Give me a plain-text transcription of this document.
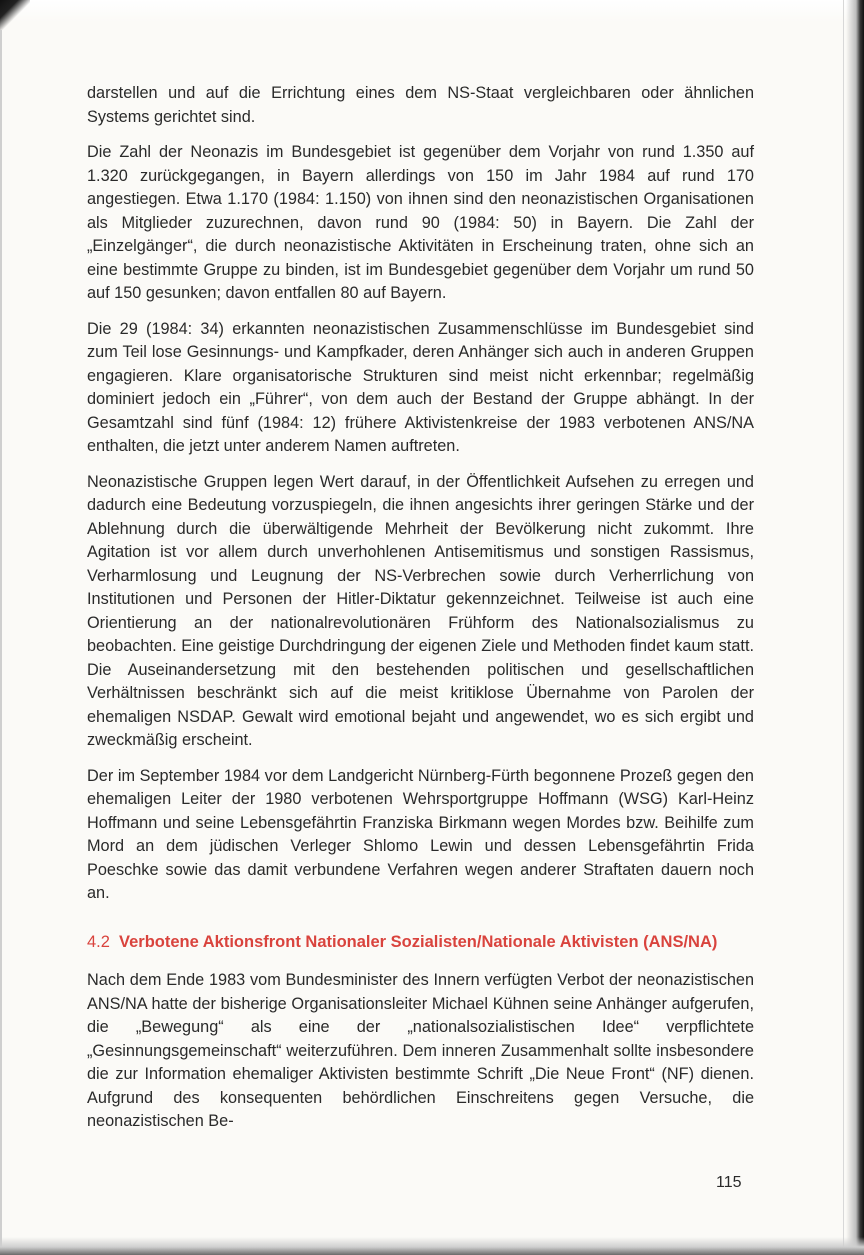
darstellen und auf die Errichtung eines dem NS-Staat vergleichbaren oder ähnlichen Systems gerichtet sind.

Die Zahl der Neonazis im Bundesgebiet ist gegenüber dem Vorjahr von rund 1.350 auf 1.320 zurückgegangen, in Bayern allerdings von 150 im Jahr 1984 auf rund 170 angestiegen. Etwa 1.170 (1984: 1.150) von ihnen sind den neonazistischen Organisationen als Mitglieder zuzurechnen, davon rund 90 (1984: 50) in Bayern. Die Zahl der „Einzelgänger“, die durch neonazistische Aktivitäten in Erscheinung traten, ohne sich an eine bestimmte Gruppe zu binden, ist im Bundesgebiet gegenüber dem Vorjahr um rund 50 auf 150 gesunken; davon entfallen 80 auf Bayern.

Die 29 (1984: 34) erkannten neonazistischen Zusammenschlüsse im Bundesgebiet sind zum Teil lose Gesinnungs- und Kampfkader, deren Anhänger sich auch in anderen Gruppen engagieren. Klare organisatorische Strukturen sind meist nicht erkennbar; regelmäßig dominiert jedoch ein „Führer“, von dem auch der Bestand der Gruppe abhängt. In der Gesamtzahl sind fünf (1984: 12) frühere Aktivistenkreise der 1983 verbotenen ANS/NA enthalten, die jetzt unter anderem Namen auftreten.

Neonazistische Gruppen legen Wert darauf, in der Öffentlichkeit Aufsehen zu erregen und dadurch eine Bedeutung vorzuspiegeln, die ihnen angesichts ihrer geringen Stärke und der Ablehnung durch die überwältigende Mehrheit der Bevölkerung nicht zukommt. Ihre Agitation ist vor allem durch unverhohlenen Antisemitismus und sonstigen Rassismus, Verharmlosung und Leugnung der NS-Verbrechen sowie durch Verherrlichung von Institutionen und Personen der Hitler-Diktatur gekennzeichnet. Teilweise ist auch eine Orientierung an der nationalrevolutionären Frühform des Nationalsozialismus zu beobachten. Eine geistige Durchdringung der eigenen Ziele und Methoden findet kaum statt. Die Auseinandersetzung mit den bestehenden politischen und gesellschaftlichen Verhältnissen beschränkt sich auf die meist kritiklose Übernahme von Parolen der ehemaligen NSDAP. Gewalt wird emotional bejaht und angewendet, wo es sich ergibt und zweckmäßig erscheint.

Der im September 1984 vor dem Landgericht Nürnberg-Fürth begonnene Prozeß gegen den ehemaligen Leiter der 1980 verbotenen Wehrsportgruppe Hoffmann (WSG) Karl-Heinz Hoffmann und seine Lebensgefährtin Franziska Birkmann wegen Mordes bzw. Beihilfe zum Mord an dem jüdischen Verleger Shlomo Lewin und dessen Lebensgefährtin Frida Poeschke sowie das damit verbundene Verfahren wegen anderer Straftaten dauern noch an.

4.2 Verbotene Aktionsfront Nationaler Sozialisten/Nationale Aktivisten (ANS/NA)

Nach dem Ende 1983 vom Bundesminister des Innern verfügten Verbot der neonazistischen ANS/NA hatte der bisherige Organisationsleiter Michael Kühnen seine Anhänger aufgerufen, die „Bewegung“ als eine der „nationalsozialistischen Idee“ verpflichtete „Gesinnungsgemeinschaft“ weiterzuführen. Dem inneren Zusammenhalt sollte insbesondere die zur Information ehemaliger Aktivisten bestimmte Schrift „Die Neue Front“ (NF) dienen. Aufgrund des konsequenten behördlichen Einschreitens gegen Versuche, die neonazistischen Be-

115
